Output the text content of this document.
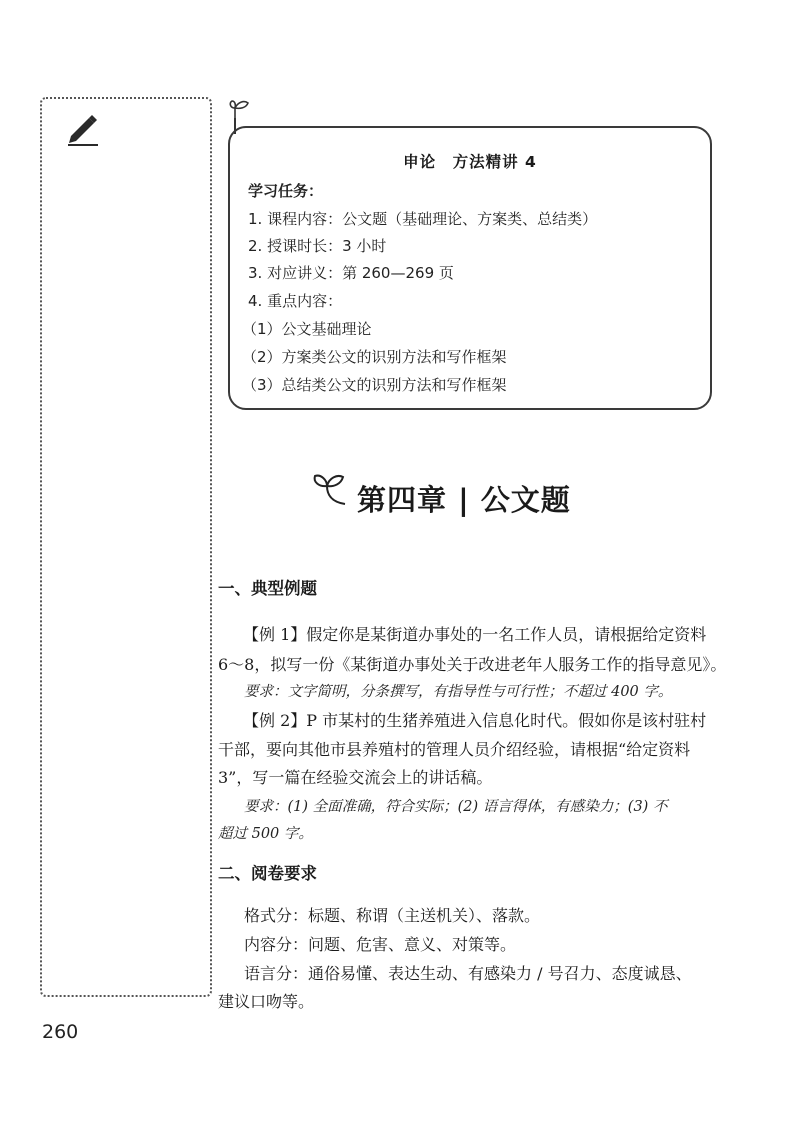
申论　方法精讲 4
学习任务：
1. 课程内容：公文题（基础理论、方案类、总结类）
2. 授课时长：3 小时
3. 对应讲义：第 260—269 页
4. 重点内容：
（1）公文基础理论
（2）方案类公文的识别方法和写作框架
（3）总结类公文的识别方法和写作框架
第四章 | 公文题
一、典型例题
【例 1】假定你是某街道办事处的一名工作人员，请根据给定资料
6～8，拟写一份《某街道办事处关于改进老年人服务工作的指导意见》。
要求：文字简明，分条撰写，有指导性与可行性；不超过 400 字。
【例 2】P 市某村的生猪养殖进入信息化时代。假如你是该村驻村
干部，要向其他市县养殖村的管理人员介绍经验，请根据“给定资料
3”，写一篇在经验交流会上的讲话稿。
要求：(1) 全面准确，符合实际；(2) 语言得体，有感染力；(3) 不
超过 500 字。
二、阅卷要求
格式分：标题、称谓（主送机关）、落款。
内容分：问题、危害、意义、对策等。
语言分：通俗易懂、表达生动、有感染力 / 号召力、态度诚恳、
建议口吻等。
260
